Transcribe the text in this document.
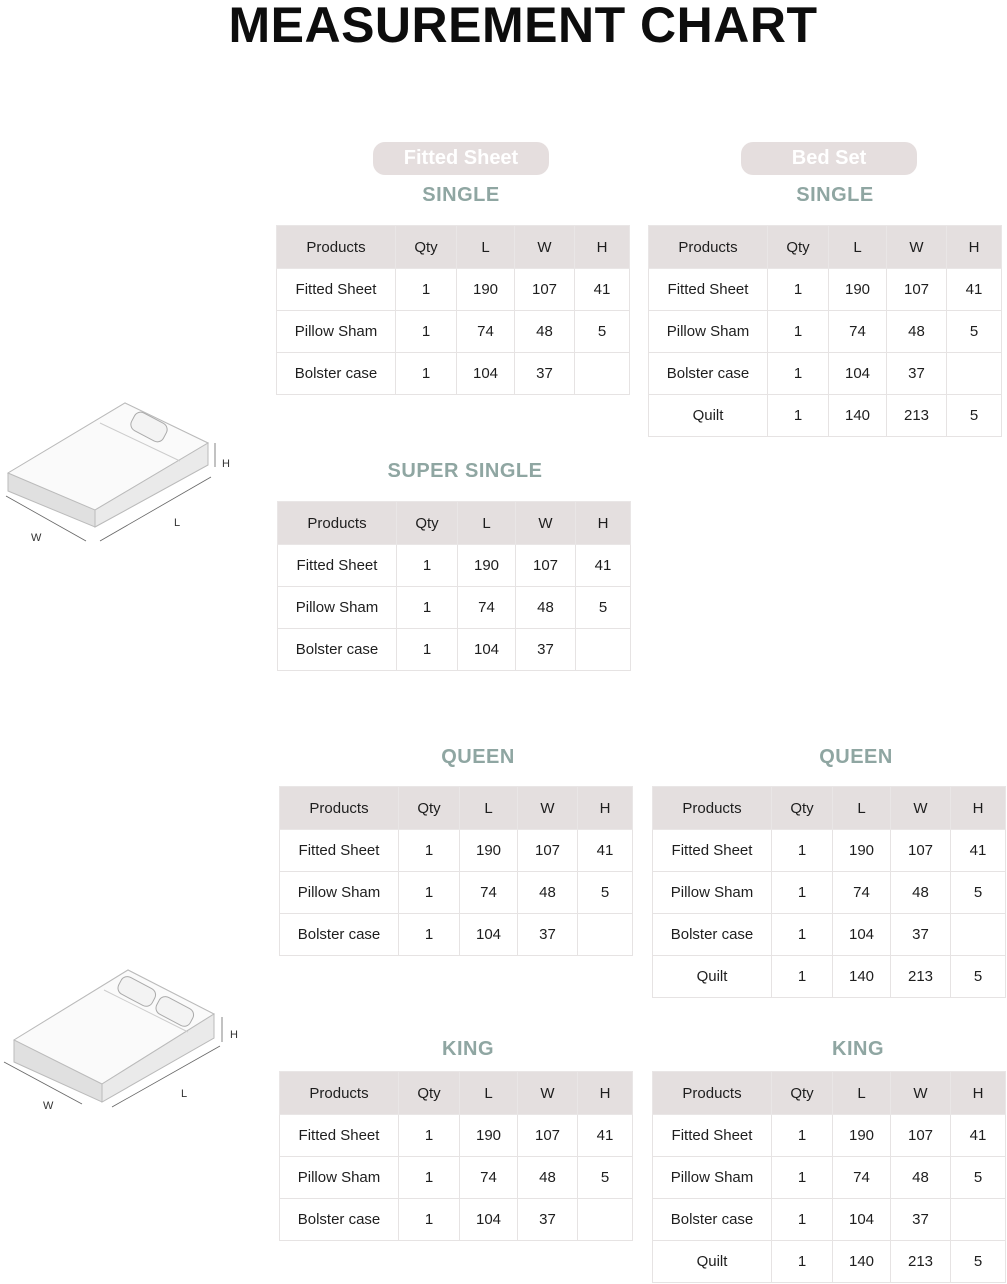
MEASUREMENT CHART
Fitted Sheet	Bed Set
H
L
W
H
L
W
SINGLE	SINGLE
SUPER SINGLE
QUEEN	QUEEN
KING	KING
Products	Qty	L	W	H
Fitted Sheet	1	190	107	41
Pillow Sham	1	74	48	5
Bolster case	1	104	37	
Products	Qty	L	W	H
Fitted Sheet	1	190	107	41
Pillow Sham	1	74	48	5
Bolster case	1	104	37	
Quilt	1	140	213	5
Products	Qty	L	W	H
Fitted Sheet	1	190	107	41
Pillow Sham	1	74	48	5
Bolster case	1	104	37	
Products	Qty	L	W	H
Fitted Sheet	1	190	107	41
Pillow Sham	1	74	48	5
Bolster case	1	104	37	
Products	Qty	L	W	H
Fitted Sheet	1	190	107	41
Pillow Sham	1	74	48	5
Bolster case	1	104	37	
Quilt	1	140	213	5
Products	Qty	L	W	H
Fitted Sheet	1	190	107	41
Pillow Sham	1	74	48	5
Bolster case	1	104	37	
Products	Qty	L	W	H
Fitted Sheet	1	190	107	41
Pillow Sham	1	74	48	5
Bolster case	1	104	37	
Quilt	1	140	213	5
